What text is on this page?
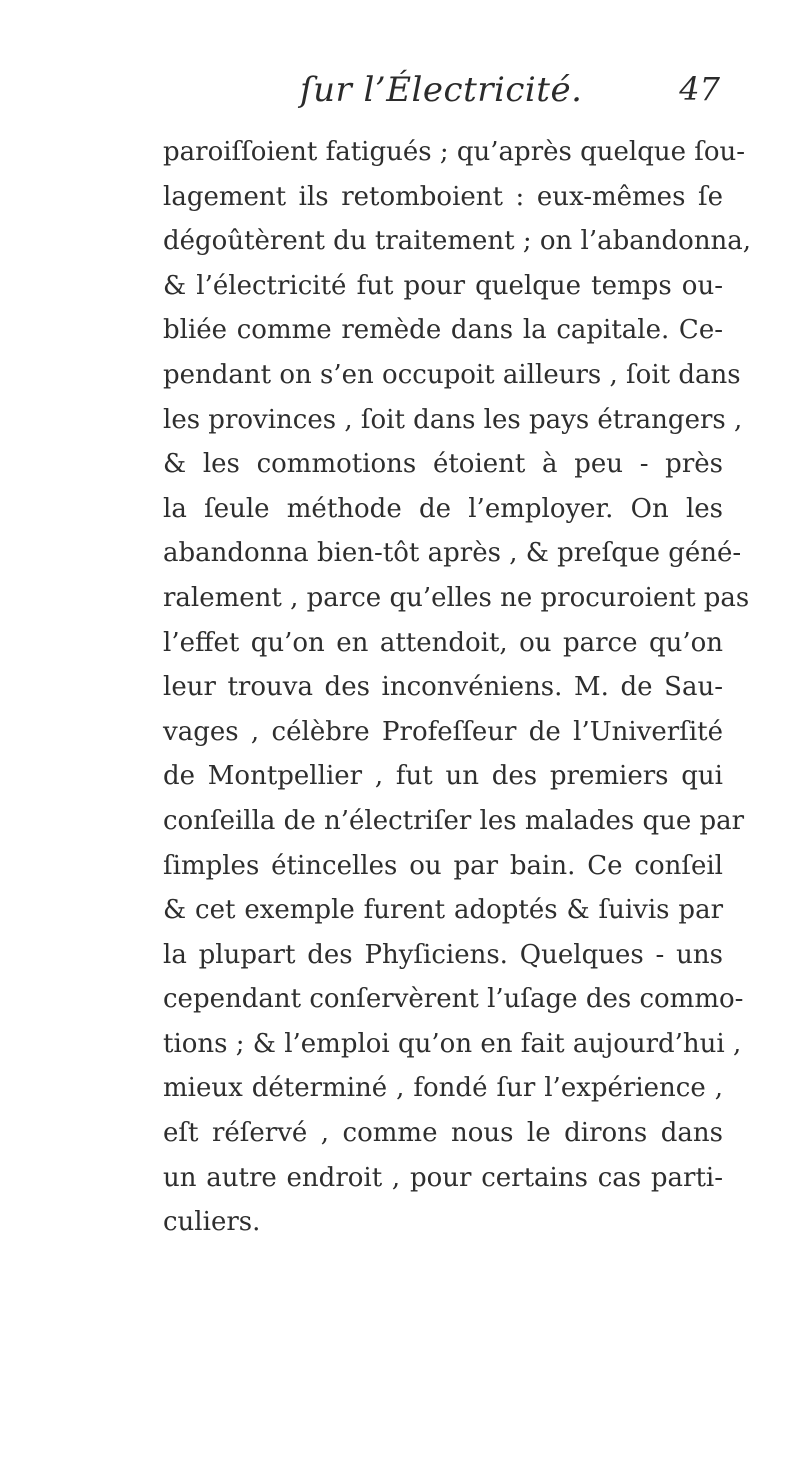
ſur l’Électricité.	47
paroiſſoient fatigués ; qu’après quelque ſou-
lagement ils retomboient : eux-mêmes ſe
dégoûtèrent du traitement ; on l’abandonna,
& l’électricité fut pour quelque temps ou-
bliée comme remède dans la capitale. Ce-
pendant on s’en occupoit ailleurs , ſoit dans
les provinces , ſoit dans les pays étrangers ,
& les commotions étoient à peu - près
la ſeule méthode de l’employer. On les
abandonna bien-tôt après , & preſque géné-
ralement , parce qu’elles ne procuroient pas
l’effet qu’on en attendoit, ou parce qu’on
leur trouva des inconvéniens. M. de Sau-
vages , célèbre Profeſſeur de l’Univerſité
de Montpellier , fut un des premiers qui
conſeilla de n’électriſer les malades que par
ſimples étincelles ou par bain. Ce conſeil
& cet exemple furent adoptés & ſuivis par
la plupart des Phyſiciens. Quelques - uns
cependant conſervèrent l’uſage des commo-
tions ; & l’emploi qu’on en fait aujourd’hui ,
mieux déterminé , fondé ſur l’expérience ,
eſt réſervé , comme nous le dirons dans
un autre endroit , pour certains cas parti-
culiers.
